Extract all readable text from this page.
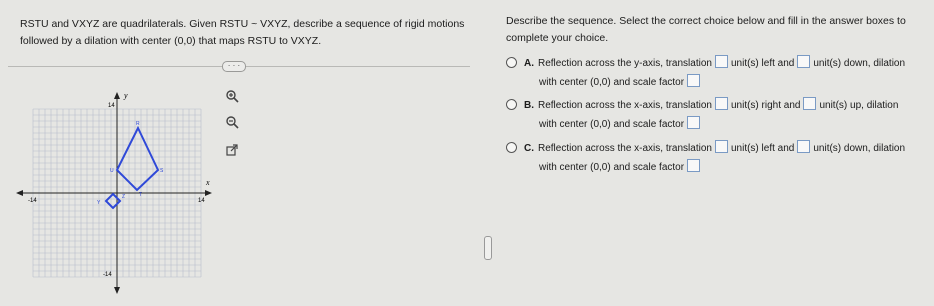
RSTU and VXYZ are quadrilaterals. Given RSTU ~ VXYZ, describe a sequence of rigid motions
followed by a dilation with center (0,0) that maps RSTU to VXYZ.
· · ·
y
x
14
-14
-14	14
R
S
T
U
Y
Z
Describe the sequence. Select the correct choice below and fill in the answer boxes to
complete your choice.
A. Reflection across the y-axis, translation unit(s) left and unit(s) down, dilation
with center (0,0) and scale factor
B. Reflection across the x-axis, translation unit(s) right and unit(s) up, dilation
with center (0,0) and scale factor
C. Reflection across the x-axis, translation unit(s) left and unit(s) down, dilation
with center (0,0) and scale factor
